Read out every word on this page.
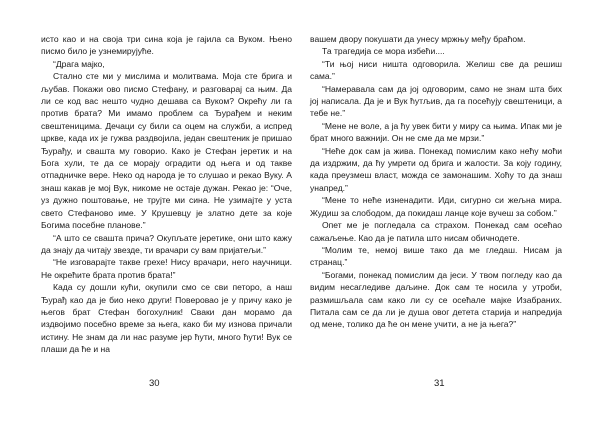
исто као и на своја три сина која је гајила са Вуком. Њено писмо било је узнемирујуће.

“Драга мајко,

Стално сте ми у мислима и молитвама. Моја сте брига и љубав. Покажи ово писмо Стефану, и разговарај са њим. Да ли се код вас нешто чудно дешава са Вуком? Окрећу ли га против брата? Ми имамо проблем са Ђурађем и неким свештеницима. Дечаци су били са оцем на служби, а испред цркве, када их је гужва раздвојила, један свештеник је пришао Ђурађу, и свашта му говорио. Како је Стефан јеретик и на Бога хули, те да се морају оградити од њега и од такве отпадничке вере. Неко од народа је то слушао и рекао Вуку. А знаш какав је мој Вук, никоме не остаје дужан. Рекао је: “Оче, уз дужно поштовање, не трујте ми сина. Не узимајте у уста свето Стефаново име. У Крушевцу је златно дете за које Богима посебне планове.”

“А што се свашта прича? Окупљате јеретике, они што кажу да знају да читају звезде, ти врачари су вам пријатељи.”

“Не изговарајте такве грехе! Нису врачари, него научници. Не окрећите брата против брата!”

Када су дошли кући, окупили смо се сви петоро, а наш Ђурађ као да је био неко други! Поверовао је у причу како је његов брат Стефан богохулник! Сваки дан морамо да издвојимо посебно време за њега, како би му изнова причали истину. Не знам да ли нас разуме јер ћути, много ћути! Вук се плаши да ће и на

30

вашем двору покушати да унесу мржњу међу браћом.

Та трагедија се мора избећи....

“Ти њој ниси ништа одговорила. Желиш све да решиш сама.”

“Намеравала сам да јој одговорим, само не знам шта бих јој написала. Да је и Вук ћутљив, да га посећују свештеници, а тебе не.”

“Мене не воле, а ја ћу увек бити у миру са њима. Ипак ми је брат много важнији. Он не сме да ме мрзи.”

“Неће док сам ја жива. Понекад помислим како нећу моћи да издржим, да ћу умрети од брига и жалости. За коју годину, када преузмеш власт, можда се замонашим. Хоћу то да знаш унапред.”

“Мене то неће изненадити. Иди, сигурно си жељна мира. Жудиш за слободом, да покидаш ланце које вучеш за собом.”

Опет ме је погледала са страхом. Понекад сам осећао сажаљење. Као да је патила што нисам обичнодете.

“Молим те, немој више тако да ме гледаш. Нисам ја странац.”

“Богами, понекад помислим да јеси. У твом погледу као да видим несагледиве даљине. Док сам те носила у утроби, размишљала сам како ли су се осећале мајке Изабраних. Питала сам се да ли је душа овог детета старија и напредија од мене, толико да ће он мене учити, а не ја њега?”

31
